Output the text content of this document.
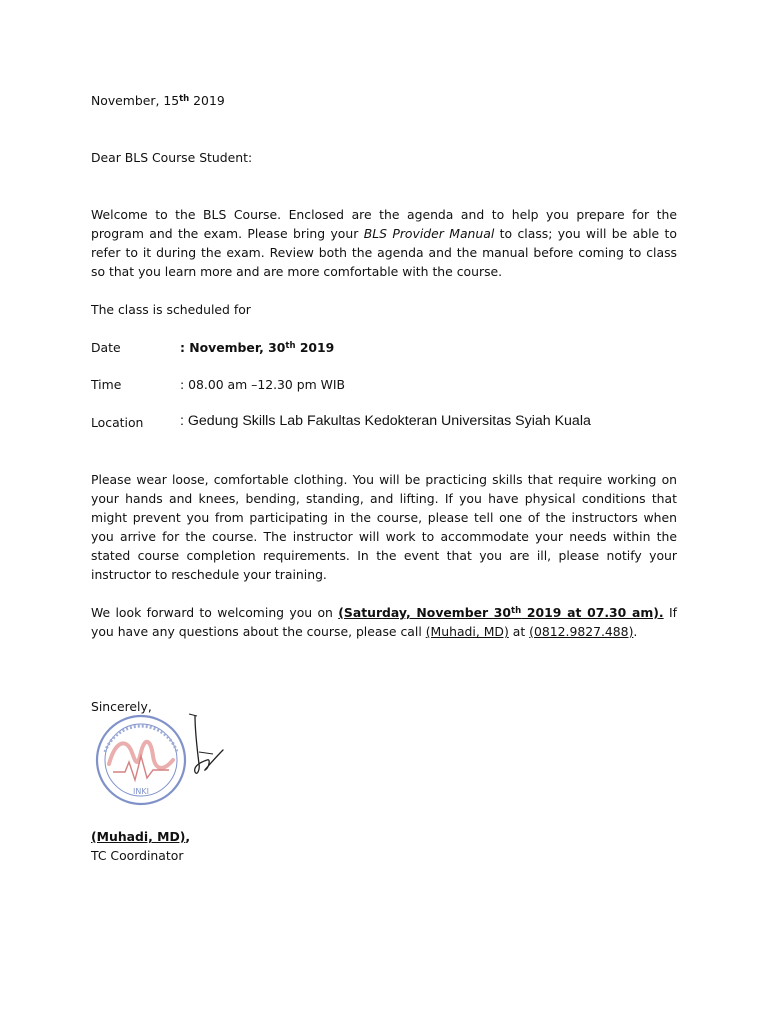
November, 15th 2019
Dear BLS Course Student:
Welcome to the BLS Course. Enclosed are the agenda and to help you prepare for the program and the exam. Please bring your BLS Provider Manual to class; you will be able to refer to it during the exam. Review both the agenda and the manual before coming to class so that you learn more and are more comfortable with the course.
The class is scheduled for
Date	: November, 30th 2019
Time	: 08.00 am –12.30 pm WIB
Location	: Gedung Skills Lab Fakultas Kedokteran Universitas Syiah Kuala
Please wear loose, comfortable clothing. You will be practicing skills that require working on your hands and knees, bending, standing, and lifting. If you have physical conditions that might prevent you from participating in the course, please tell one of the instructors when you arrive for the course. The instructor will work to accommodate your needs within the stated course completion requirements. In the event that you are ill, please notify your instructor to reschedule your training.
We look forward to welcoming you on (Saturday, November 30th 2019 at 07.30 am). If you have any questions about the course, please call (Muhadi, MD) at (0812.9827.488).
Sincerely,
INKI
(Muhadi, MD),
TC Coordinator
